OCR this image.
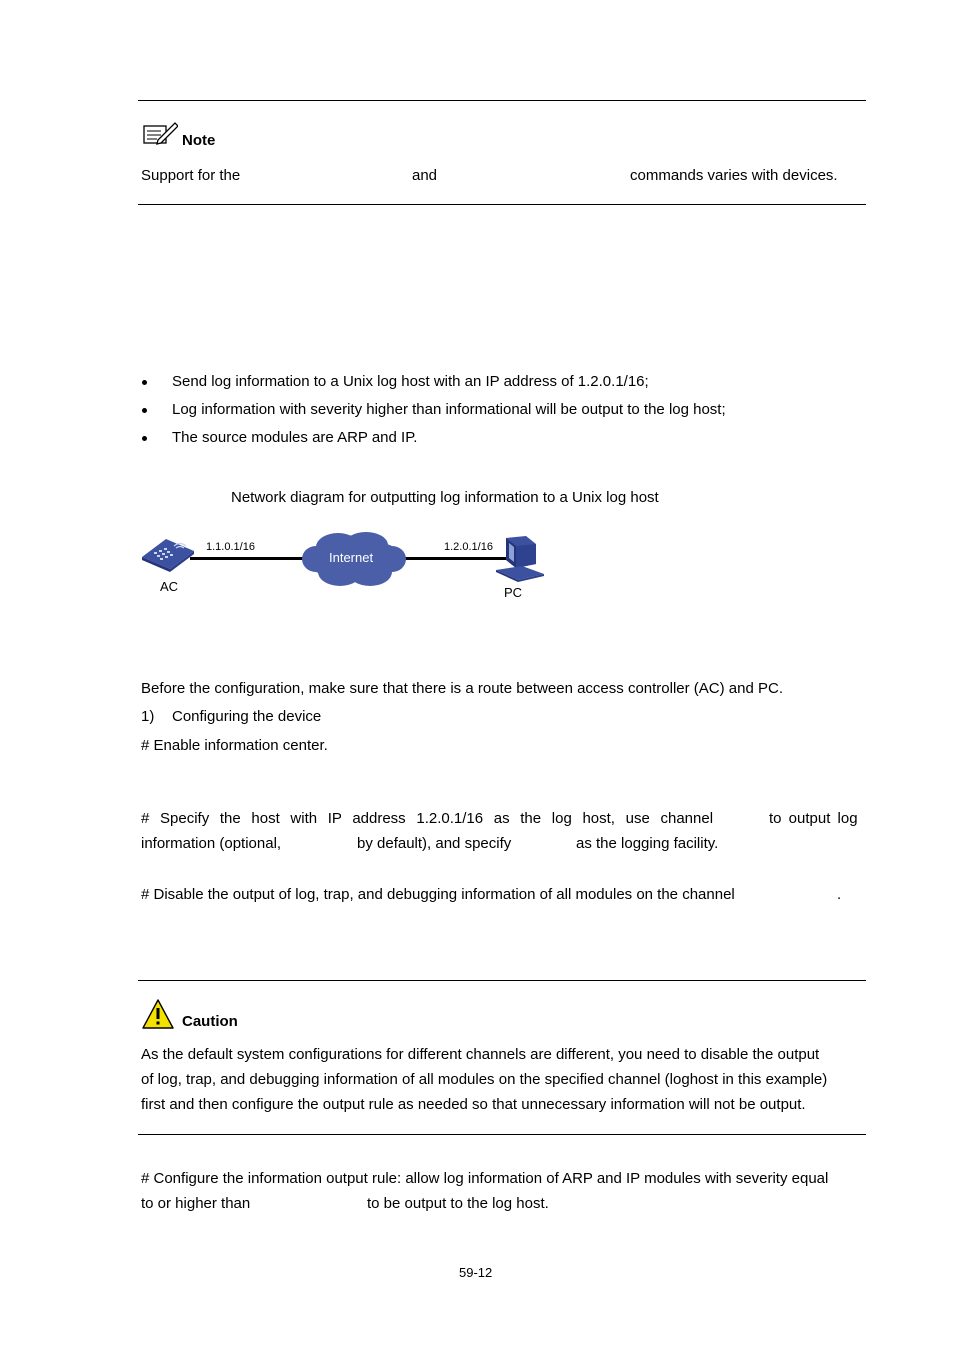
Note
Support for the	and	commands varies with devices.
Send log information to a Unix log host with an IP address of 1.2.0.1/16;
Log information with severity higher than informational will be output to the log host;
The source modules are ARP and IP.
Network diagram for outputting log information to a Unix log host
AC
1.1.0.1/16
Internet
1.2.0.1/16
PC
Before the configuration, make sure that there is a route between access controller (AC) and PC.
1) Configuring the device
# Enable information center.
# Specify the host with IP address 1.2.0.1/16 as the log host, use channel	to output log
information (optional,	by default), and specify	as the logging facility.
# Disable the output of log, trap, and debugging information of all modules on the channel	.
Caution
As the default system configurations for different channels are different, you need to disable the output
of log, trap, and debugging information of all modules on the specified channel (loghost in this example)
first and then configure the output rule as needed so that unnecessary information will not be output.
# Configure the information output rule: allow log information of ARP and IP modules with severity equal
to or higher than	to be output to the log host.
59-12
